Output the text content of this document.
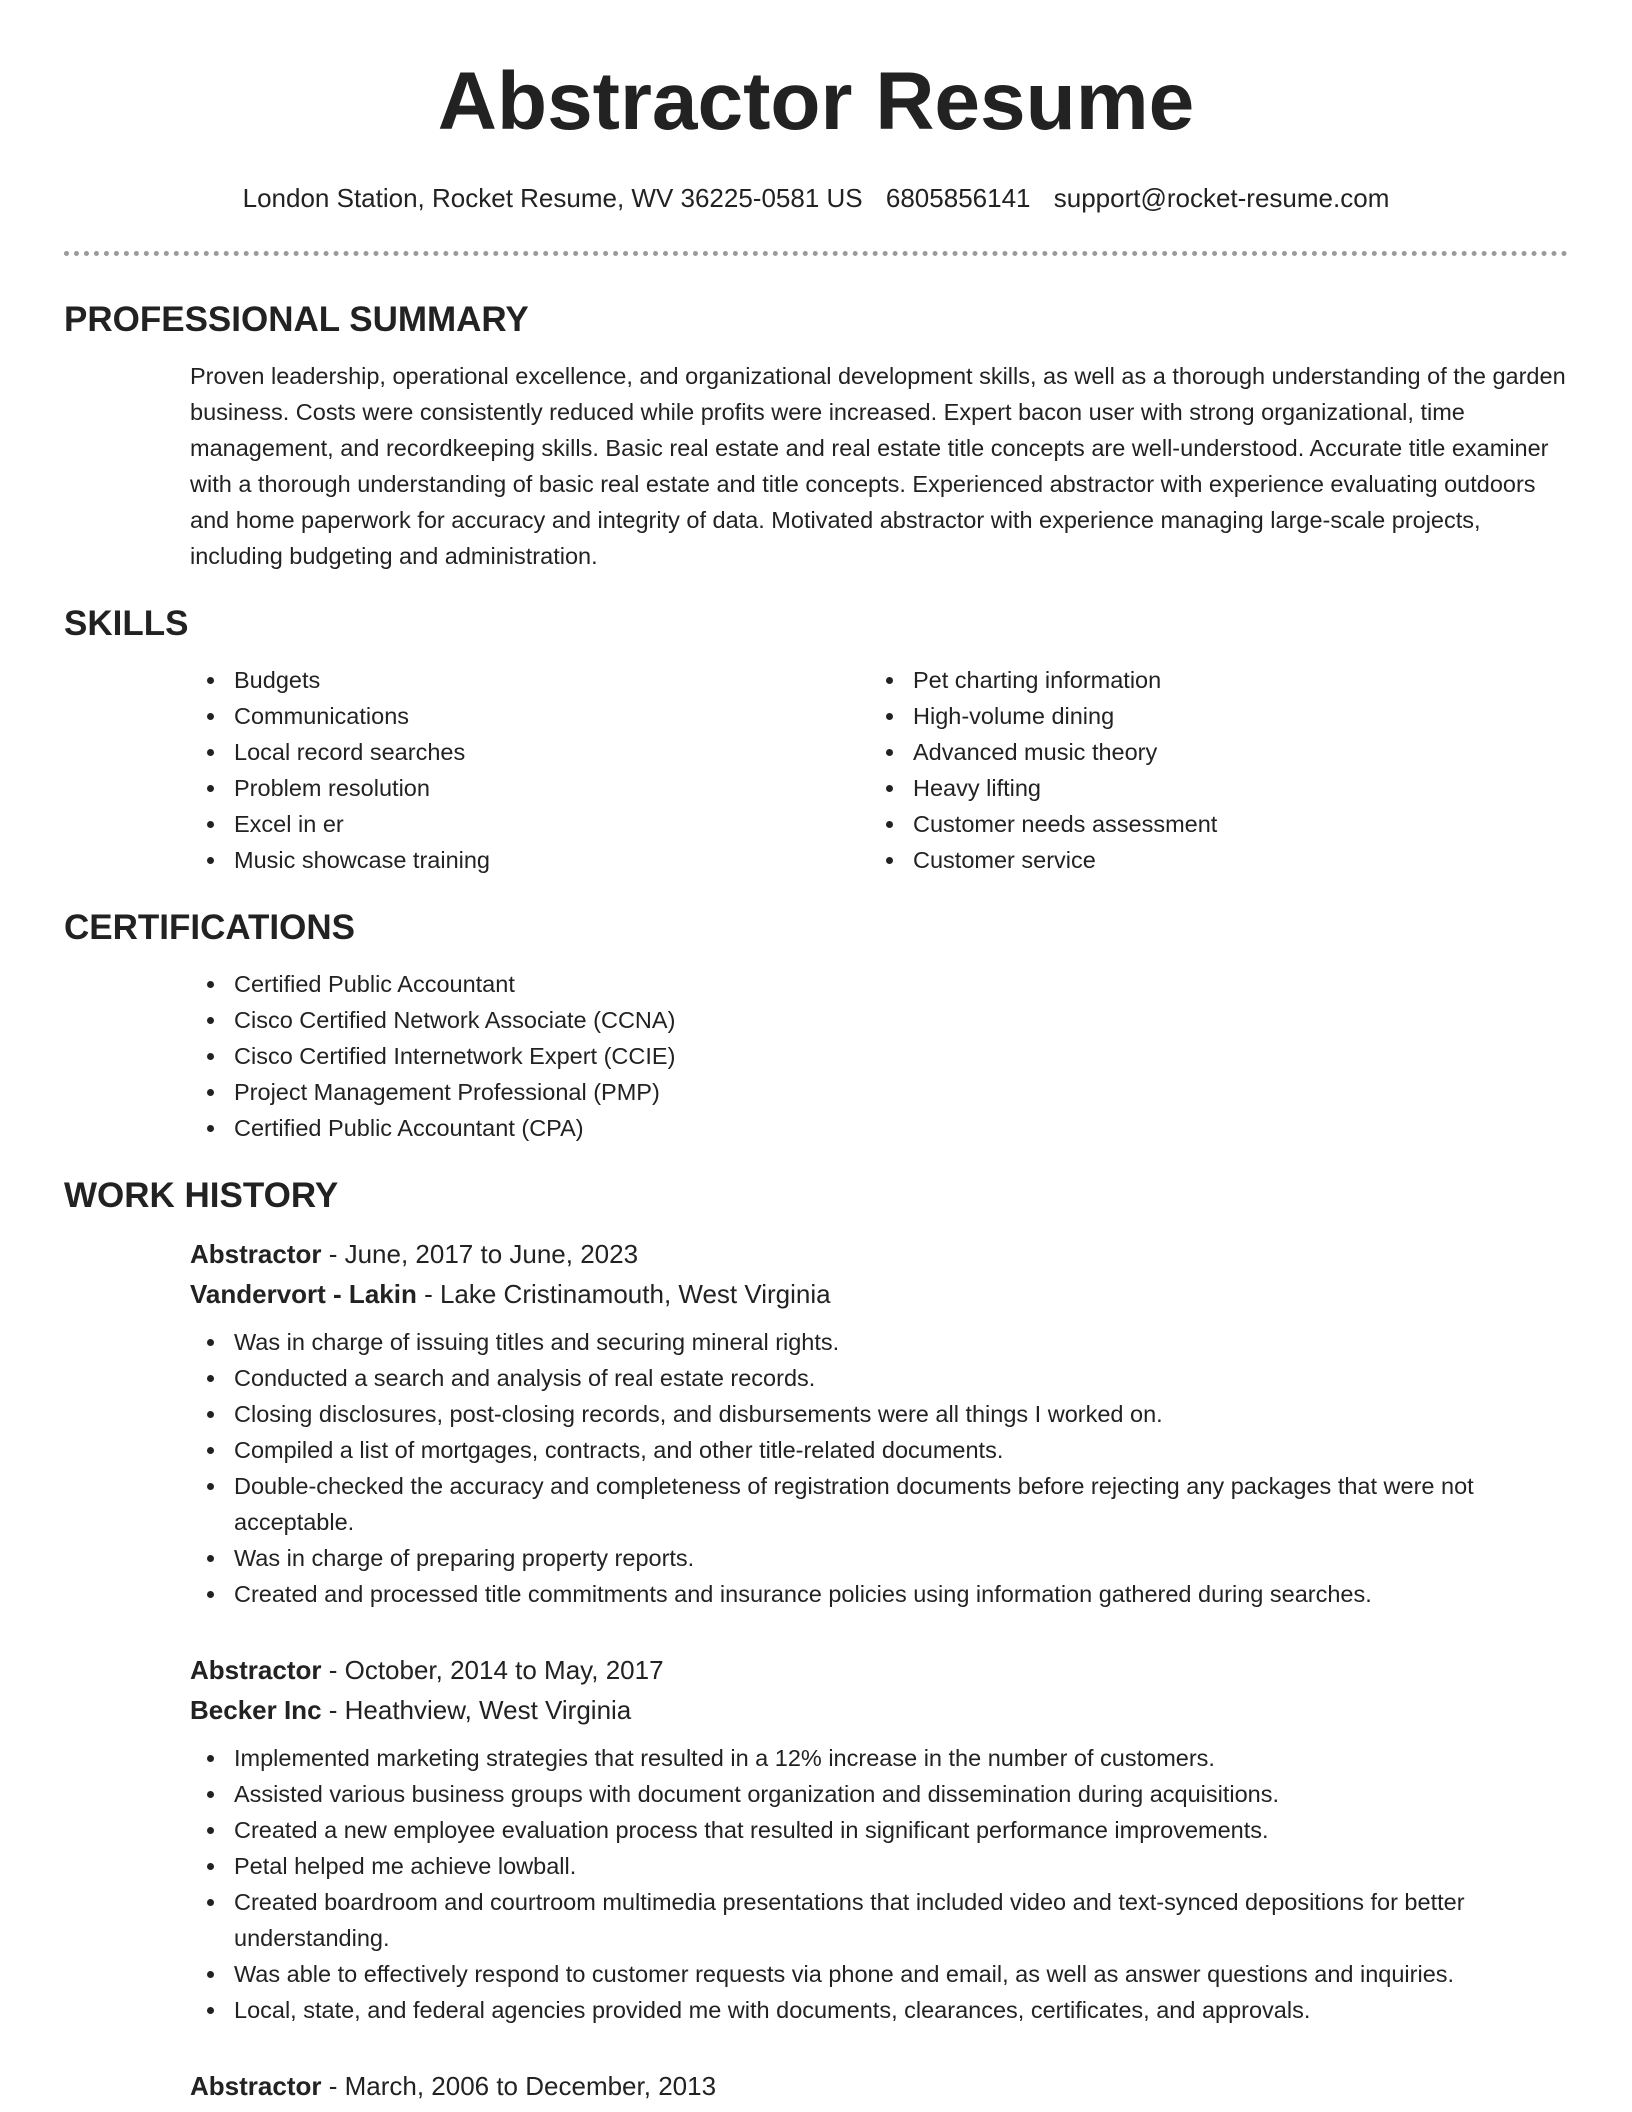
Abstractor Resume
London Station, Rocket Resume, WV 36225-0581 US 6805856141 support@rocket-resume.com
PROFESSIONAL SUMMARY

Proven leadership, operational excellence, and organizational development skills, as well as a thorough understanding of the garden business. Costs were consistently reduced while profits were increased. Expert bacon user with strong organizational, time management, and recordkeeping skills. Basic real estate and real estate title concepts are well-understood. Accurate title examiner with a thorough understanding of basic real estate and title concepts. Experienced abstractor with experience evaluating outdoors and home paperwork for accuracy and integrity of data. Motivated abstractor with experience managing large-scale projects, including budgeting and administration.

SKILLS
Budgets
Communications
Local record searches
Problem resolution
Excel in er
Music showcase training
Pet charting information
High-volume dining
Advanced music theory
Heavy lifting
Customer needs assessment
Customer service
CERTIFICATIONS
Certified Public Accountant
Cisco Certified Network Associate (CCNA)
Cisco Certified Internetwork Expert (CCIE)
Project Management Professional (PMP)
Certified Public Accountant (CPA)
WORK HISTORY
Abstractor - June, 2017 to June, 2023
Vandervort - Lakin - Lake Cristinamouth, West Virginia
Was in charge of issuing titles and securing mineral rights.
Conducted a search and analysis of real estate records.
Closing disclosures, post-closing records, and disbursements were all things I worked on.
Compiled a list of mortgages, contracts, and other title-related documents.
Double-checked the accuracy and completeness of registration documents before rejecting any packages that were not acceptable.
Was in charge of preparing property reports.
Created and processed title commitments and insurance policies using information gathered during searches.
Abstractor - October, 2014 to May, 2017
Becker Inc - Heathview, West Virginia
Implemented marketing strategies that resulted in a 12% increase in the number of customers.
Assisted various business groups with document organization and dissemination during acquisitions.
Created a new employee evaluation process that resulted in significant performance improvements.
Petal helped me achieve lowball.
Created boardroom and courtroom multimedia presentations that included video and text-synced depositions for better understanding.
Was able to effectively respond to customer requests via phone and email, as well as answer questions and inquiries.
Local, state, and federal agencies provided me with documents, clearances, certificates, and approvals.
Abstractor - March, 2006 to December, 2013
